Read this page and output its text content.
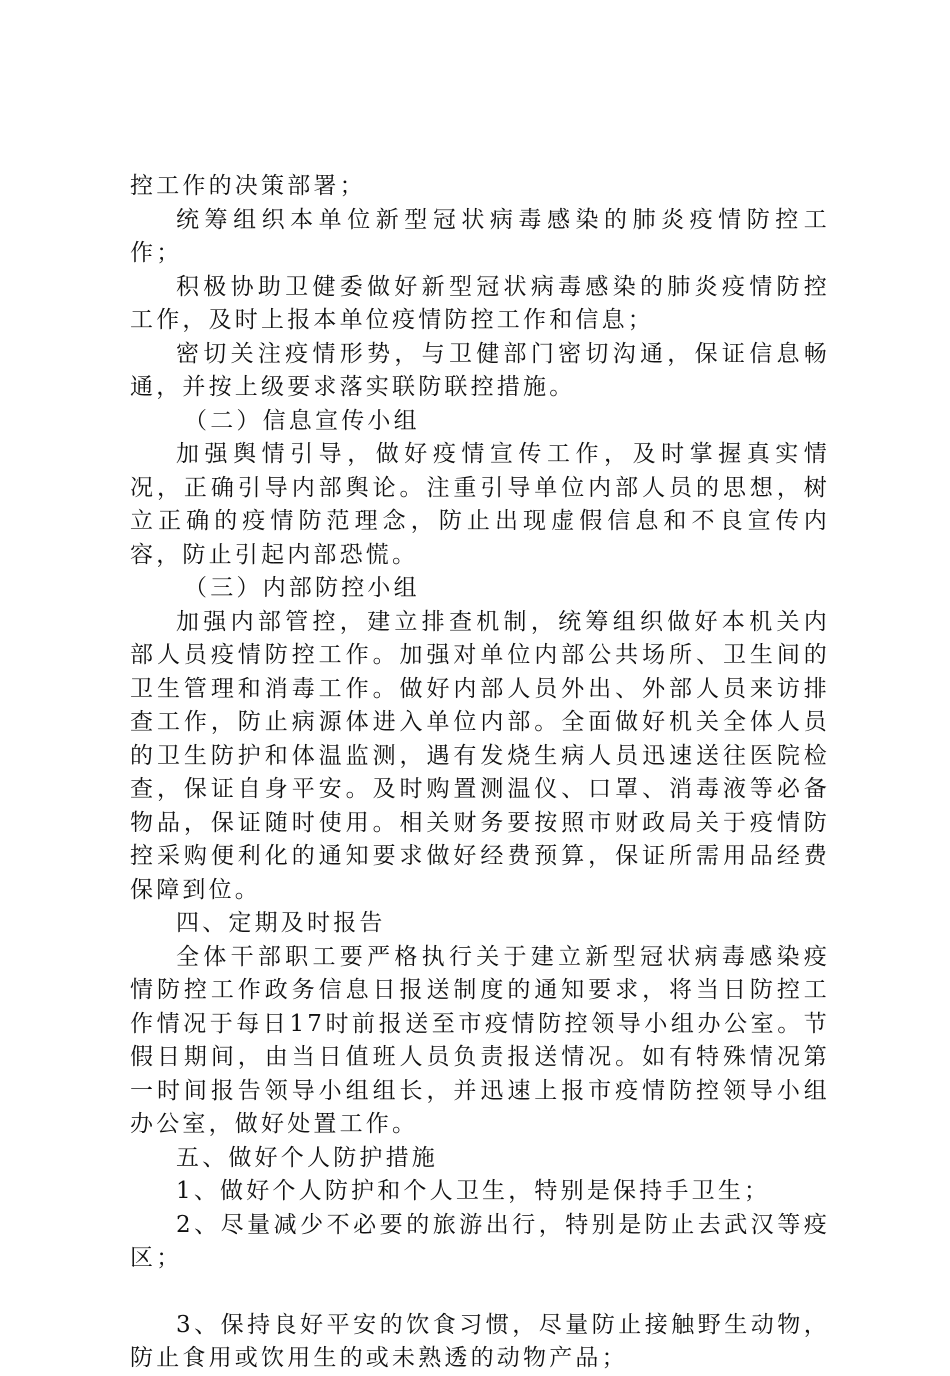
控工作的决策部署；

统筹组织本单位新型冠状病毒感染的肺炎疫情防控工作；

积极协助卫健委做好新型冠状病毒感染的肺炎疫情防控工作，及时上报本单位疫情防控工作和信息；

密切关注疫情形势，与卫健部门密切沟通，保证信息畅通，并按上级要求落实联防联控措施。

（二）信息宣传小组

加强舆情引导，做好疫情宣传工作，及时掌握真实情况，正确引导内部舆论。注重引导单位内部人员的思想，树立正确的疫情防范理念，防止出现虚假信息和不良宣传内容，防止引起内部恐慌。

（三）内部防控小组

加强内部管控，建立排查机制，统筹组织做好本机关内部人员疫情防控工作。加强对单位内部公共场所、卫生间的卫生管理和消毒工作。做好内部人员外出、外部人员来访排查工作，防止病源体进入单位内部。全面做好机关全体人员的卫生防护和体温监测，遇有发烧生病人员迅速送往医院检查，保证自身平安。及时购置测温仪、口罩、消毒液等必备物品，保证随时使用。相关财务要按照市财政局关于疫情防控采购便利化的通知要求做好经费预算，保证所需用品经费保障到位。

四、定期及时报告

全体干部职工要严格执行关于建立新型冠状病毒感染疫情防控工作政务信息日报送制度的通知要求，将当日防控工作情况于每日17时前报送至市疫情防控领导小组办公室。节假日期间，由当日值班人员负责报送情况。如有特殊情况第一时间报告领导小组组长，并迅速上报市疫情防控领导小组办公室，做好处置工作。

五、做好个人防护措施

1、做好个人防护和个人卫生，特别是保持手卫生；

2、尽量减少不必要的旅游出行，特别是防止去武汉等疫区；

3、保持良好平安的饮食习惯，尽量防止接触野生动物，防止食用或饮用生的或未熟透的动物产品；
